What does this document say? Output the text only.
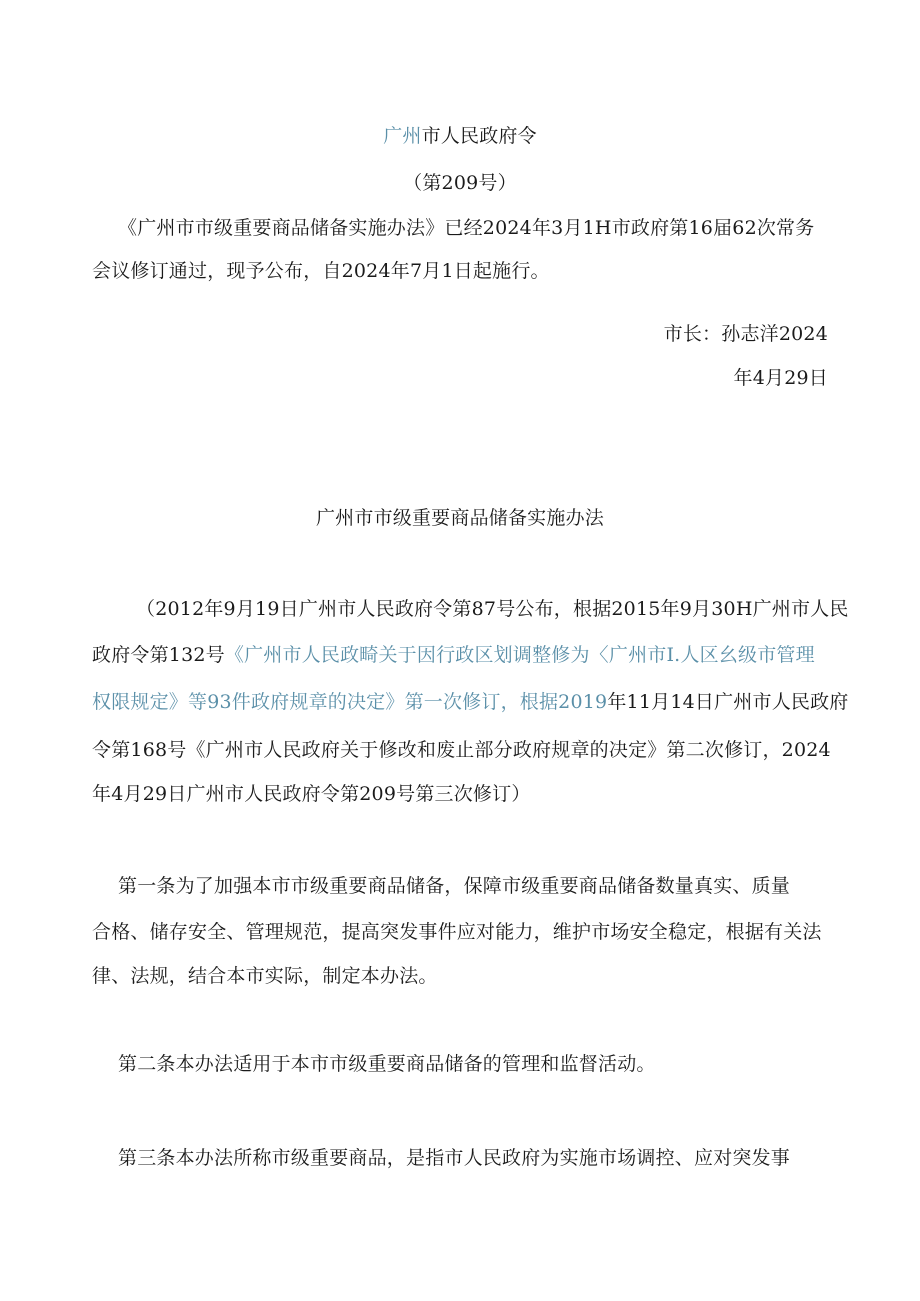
广州市人民政府令
（第209号）
《广州市市级重要商品储备实施办法》已经2024年3月1H市政府第16届62次常务
会议修订通过，现予公布，自2024年7月1日起施行。
市长：孙志洋2024
年4月29日
广州市市级重要商品储备实施办法
（2012年9月19日广州市人民政府令第87号公布，根据2015年9月30H广州市人民
政府令第132号《广州市人民政畸关于因行政区划调整修为〈广州市I.人区幺级市管理
权限规定》等93件政府规章的决定》第一次修订，根据2019年11月14日广州市人民政府
令第168号《广州市人民政府关于修改和废止部分政府规章的决定》第二次修订，2024
年4月29日广州市人民政府令第209号第三次修订）
第一条为了加强本市市级重要商品储备，保障市级重要商品储备数量真实、质量
合格、储存安全、管理规范，提高突发事件应对能力，维护市场安全稳定，根据有关法
律、法规，结合本市实际，制定本办法。
第二条本办法适用于本市市级重要商品储备的管理和监督活动。
第三条本办法所称市级重要商品，是指市人民政府为实施市场调控、应对突发事
